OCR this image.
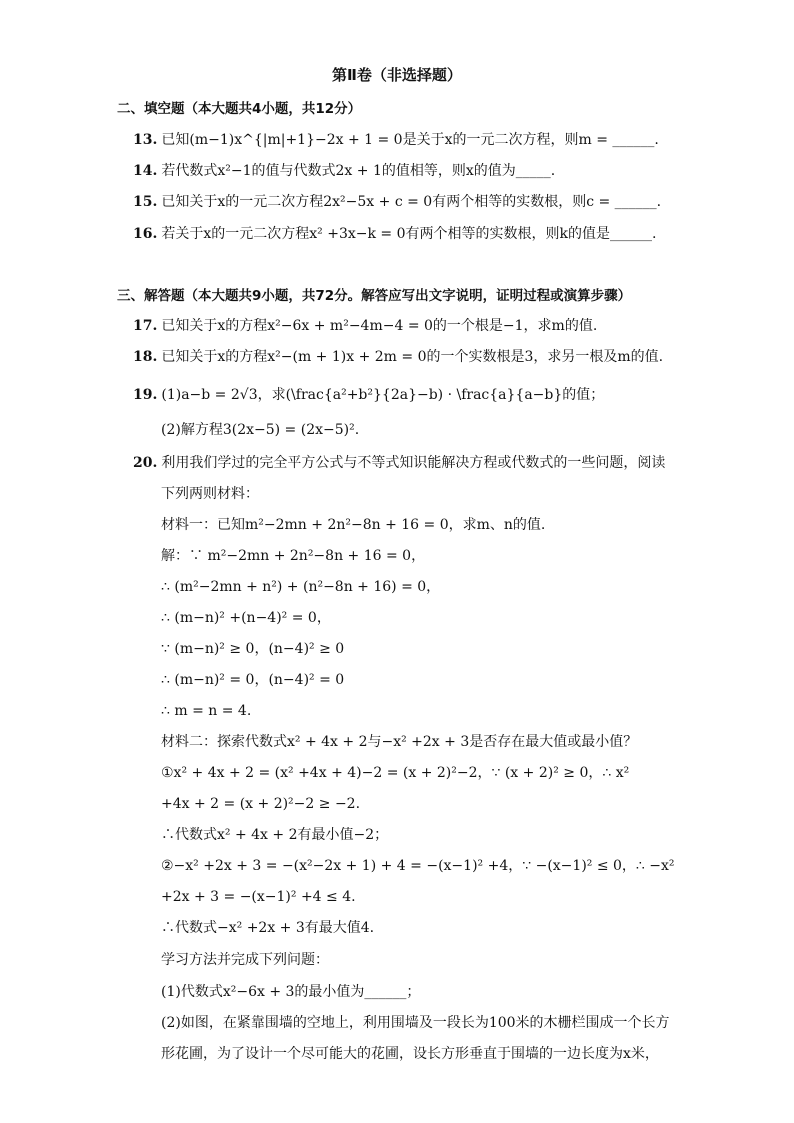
第Ⅱ卷（非选择题）
二、填空题（本大题共4小题，共12分）
13. 已知(m−1)x^{|m|+1}−2x + 1 = 0是关于x的一元二次方程，则m = ______.
14. 若代数式x²−1的值与代数式2x + 1的值相等，则x的值为_____.
15. 已知关于x的一元二次方程2x²−5x + c = 0有两个相等的实数根，则c = ______.
16. 若关于x的一元二次方程x² +3x−k = 0有两个相等的实数根，则k的值是______.
三、解答题（本大题共9小题，共72分。解答应写出文字说明，证明过程或演算步骤）
17. 已知关于x的方程x²−6x + m²−4m−4 = 0的一个根是−1，求m的值.
18. 已知关于x的方程x²−(m + 1)x + 2m = 0的一个实数根是3，求另一根及m的值.
19. (1)a−b = 2√3，求(\frac{a²+b²}{2a}−b) · \frac{a}{a−b}的值；
(2)解方程3(2x−5) = (2x−5)².
20. 利用我们学过的完全平方公式与不等式知识能解决方程或代数式的一些问题，阅读
下列两则材料：
材料一：已知m²−2mn + 2n²−8n + 16 = 0，求m、n的值.
解：∵ m²−2mn + 2n²−8n + 16 = 0，
∴ (m²−2mn + n²) + (n²−8n + 16) = 0，
∴ (m−n)² +(n−4)² = 0，
∵ (m−n)² ≥ 0，(n−4)² ≥ 0
∴ (m−n)² = 0，(n−4)² = 0
∴ m = n = 4.
材料二：探索代数式x² + 4x + 2与−x² +2x + 3是否存在最大值或最小值？
①x² + 4x + 2 = (x² +4x + 4)−2 = (x + 2)²−2，∵ (x + 2)² ≥ 0，∴ x²
+4x + 2 = (x + 2)²−2 ≥ −2.
∴代数式x² + 4x + 2有最小值−2；
②−x² +2x + 3 = −(x²−2x + 1) + 4 = −(x−1)² +4，∵ −(x−1)² ≤ 0，∴ −x²
+2x + 3 = −(x−1)² +4 ≤ 4.
∴代数式−x² +2x + 3有最大值4.
学习方法并完成下列问题：
(1)代数式x²−6x + 3的最小值为______；
(2)如图，在紧靠围墙的空地上，利用围墙及一段长为100米的木栅栏围成一个长方
形花圃，为了设计一个尽可能大的花圃，设长方形垂直于围墙的一边长度为x米，
